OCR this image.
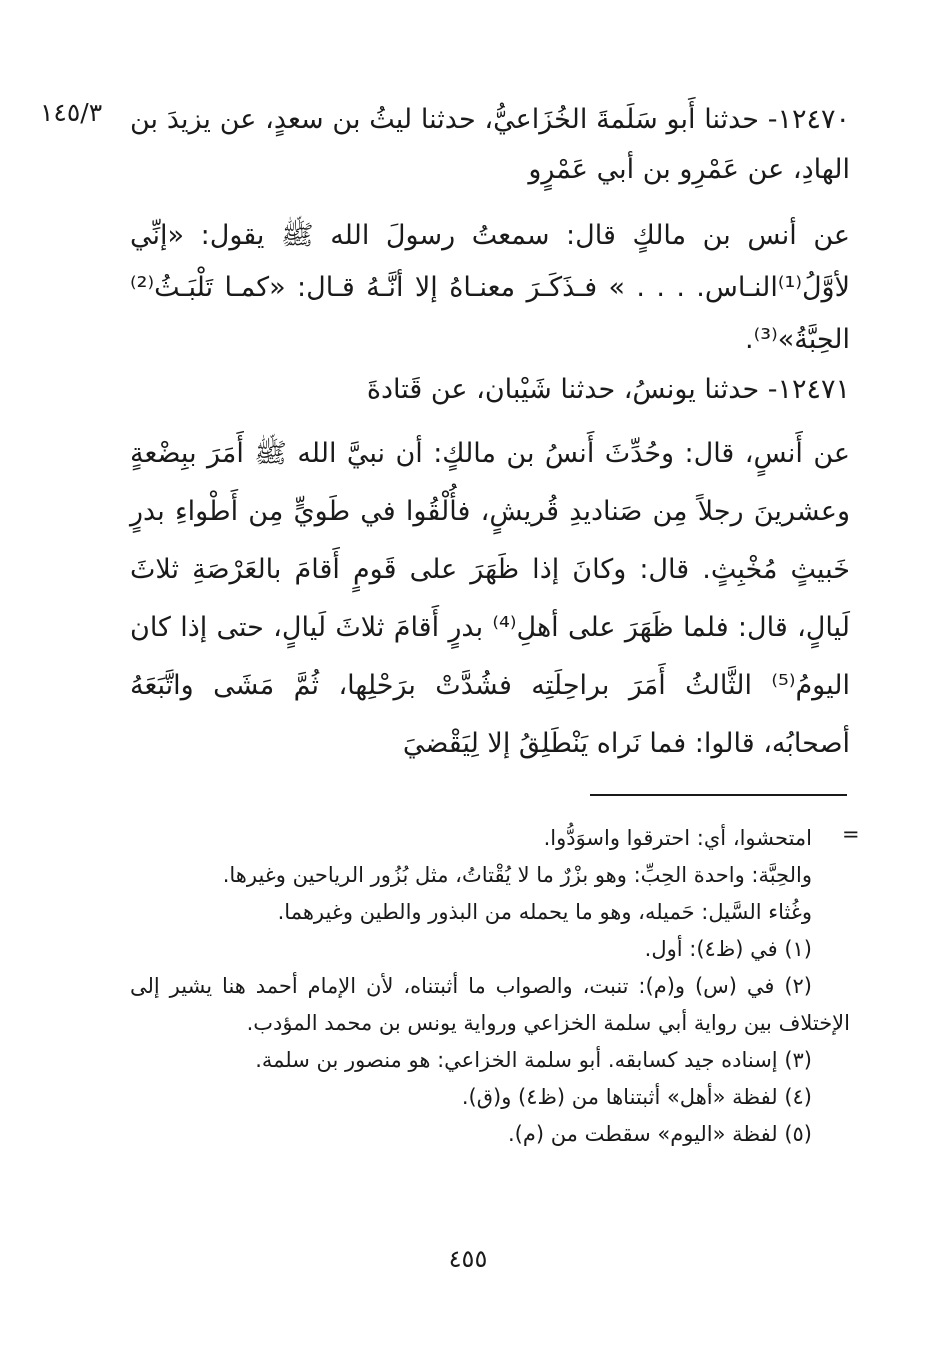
١٤٥/٣ ١٢٤٧٠- حدثنا أَبو سَلَمةَ الخُزَاعيُّ، حدثنا ليثُ بن سعدٍ، عن يزيدَ بن الهادِ، عن عَمْرِو بن أبي عَمْرٍو

عن أنس بن مالكٍ قال: سمعتُ رسولَ الله ﷺ يقول: «إنِّي لأوَّلُ⁽¹⁾النـاس. . . . » فـذَكَـرَ معنـاهُ إلا أنَّـهُ قـال: «كمـا تَلْبَـثُ⁽²⁾ الحِبَّةُ»⁽³⁾.

١٢٤٧١- حدثنا يونسُ، حدثنا شَيْبان، عن قَتادةَ

عن أَنسٍ، قال: وحُدِّثَ أَنسُ بن مالكٍ: أن نبيَّ الله ﷺ أَمَرَ ببِضْعةٍ وعشرينَ رجلاً مِن صَناديدِ قُريشٍ، فأُلْقُوا في طَويٍّ مِن أَطْواءِ بدرٍ خَبيثٍ مُخْبِثٍ. قال: وكانَ إذا ظَهَرَ على قَومٍ أَقامَ بالعَرْصَةِ ثلاثَ لَيالٍ، قال: فلما ظَهَرَ على أهلِ⁽⁴⁾ بدرٍ أَقامَ ثلاثَ لَيالٍ، حتى إذا كان اليومُ⁽⁵⁾ الثَّالثُ أَمَرَ براحِلَتِه فشُدَّتْ برَحْلِها، ثُمَّ مَشَى واتَّبَعَهُ أصحابُه، قالوا: فما نَراه يَنْطَلِقُ إلا لِيَقْضيَ

=

امتحشوا، أي: احترقوا واسوَدُّوا.

والحِبَّة: واحدة الحِبِّ: وهو بزْرٌ ما لا يُقْتاتُ، مثل بُزُور الرياحين وغيرها.

وغُثاء السَّيل: حَميله، وهو ما يحمله من البذور والطين وغيرهما.

(١) في (ظ٤): أول.

(٢) في (س) و(م): تنبت، والصواب ما أثبتناه، لأن الإمام أحمد هنا يشير إلى الإختلاف بين رواية أبي سلمة الخزاعي ورواية يونس بن محمد المؤدب.

(٣) إسناده جيد كسابقه. أبو سلمة الخزاعي: هو منصور بن سلمة.

(٤) لفظة «أهل» أثبتناها من (ظ٤) و(ق).

(٥) لفظة «اليوم» سقطت من (م).

٤٥٥
